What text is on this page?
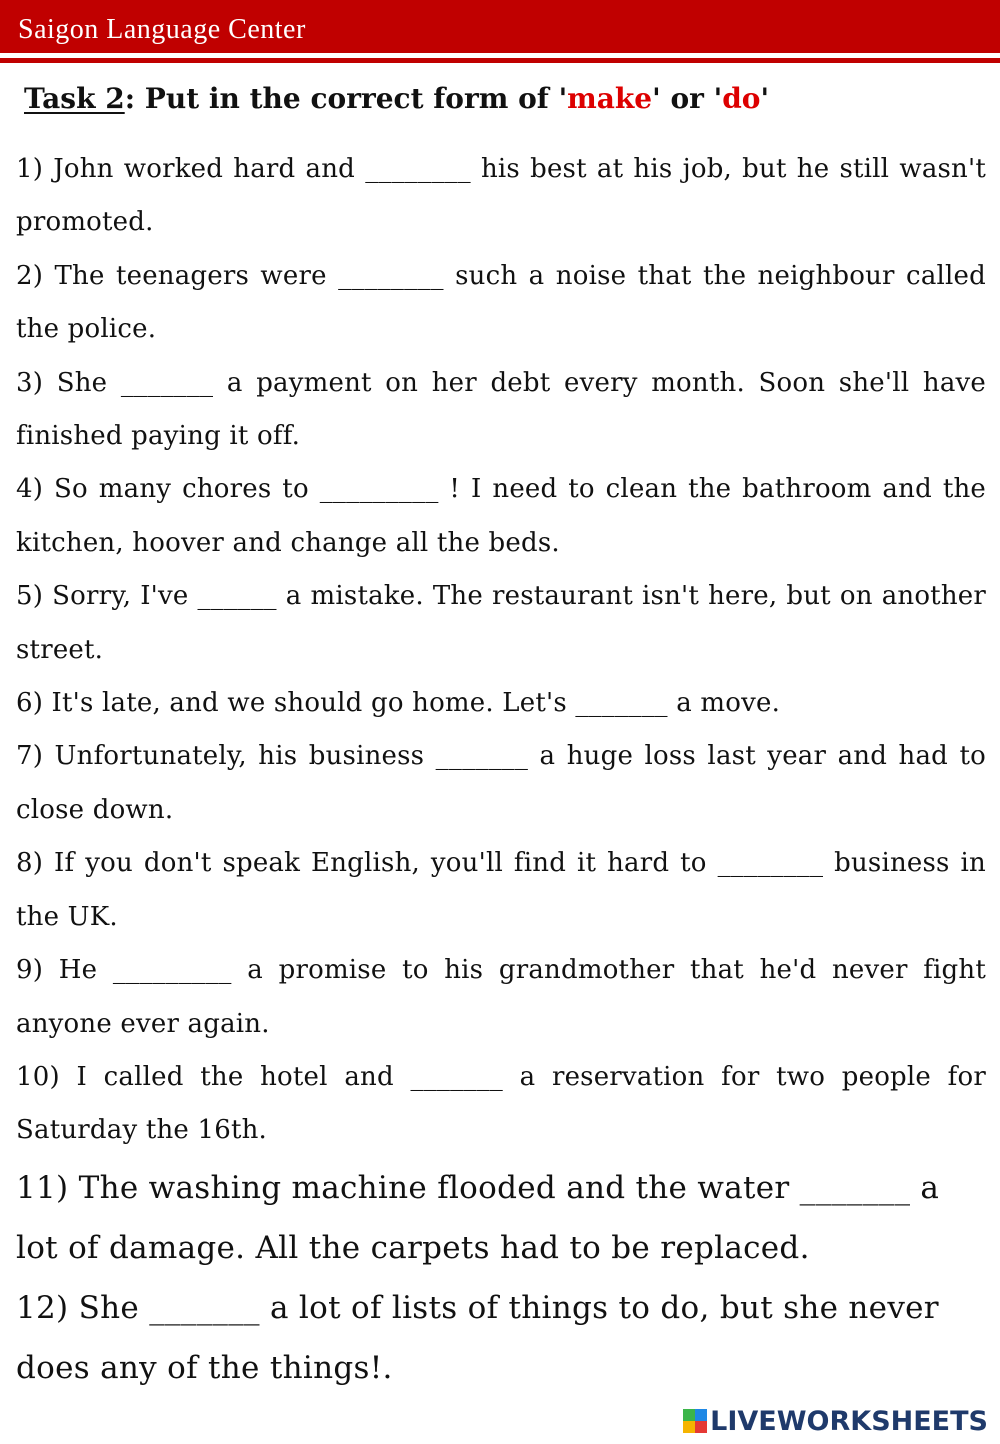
Saigon Language Center
Task 2: Put in the correct form of 'make' or 'do'

1) John worked hard and ________ his best at his job, but he still wasn't promoted.

2) The teenagers were ________ such a noise that the neighbour called the police.

3) She _______ a payment on her debt every month. Soon she'll have finished paying it off.

4) So many chores to _________ ! I need to clean the bathroom and the kitchen, hoover and change all the beds.

5) Sorry, I've ______ a mistake. The restaurant isn't here, but on another street.

6) It's late, and we should go home. Let's _______ a move.

7) Unfortunately, his business _______ a huge loss last year and had to close down.

8) If you don't speak English, you'll find it hard to ________ business in the UK.

9) He _________ a promise to his grandmother that he'd never fight anyone ever again.

10) I called the hotel and _______ a reservation for two people for Saturday the 16th.

11) The washing machine flooded and the water _______ a lot of damage. All the carpets had to be replaced.

12) She _______ a lot of lists of things to do, but she never does any of the things!.

LIVEWORKSHEETS
